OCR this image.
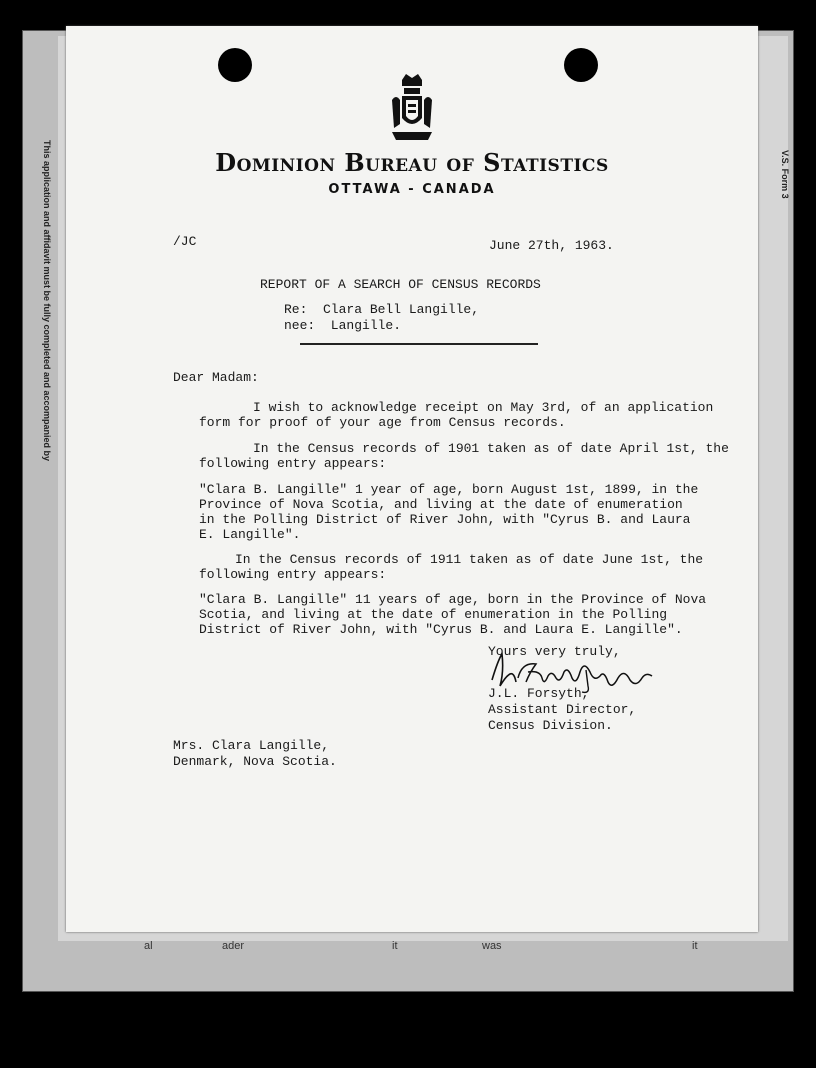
This application and affidavit must be fully completed and accompanied by	V.S. Form 3
al	ader	it	was	it
Dominion Bureau of Statistics
OTTAWA - CANADA
/JC	June 27th, 1963.
REPORT OF A SEARCH OF CENSUS RECORDS
Re:  Clara Bell Langille,
nee:  Langille.
Dear Madam:
I wish to acknowledge receipt on May 3rd, of an application
form for proof of your age from Census records.
In the Census records of 1901 taken as of date April 1st, the
following entry appears:
"Clara B. Langille" 1 year of age, born August 1st, 1899, in the
Province of Nova Scotia, and living at the date of enumeration
in the Polling District of River John, with "Cyrus B. and Laura
E. Langille".
In the Census records of 1911 taken as of date June 1st, the
following entry appears:
"Clara B. Langille" 11 years of age, born in the Province of Nova
Scotia, and living at the date of enumeration in the Polling
District of River John, with "Cyrus B. and Laura E. Langille".
Yours very truly,
J.L. Forsyth,
Assistant Director,
Census Division.
Mrs. Clara Langille,
Denmark, Nova Scotia.
